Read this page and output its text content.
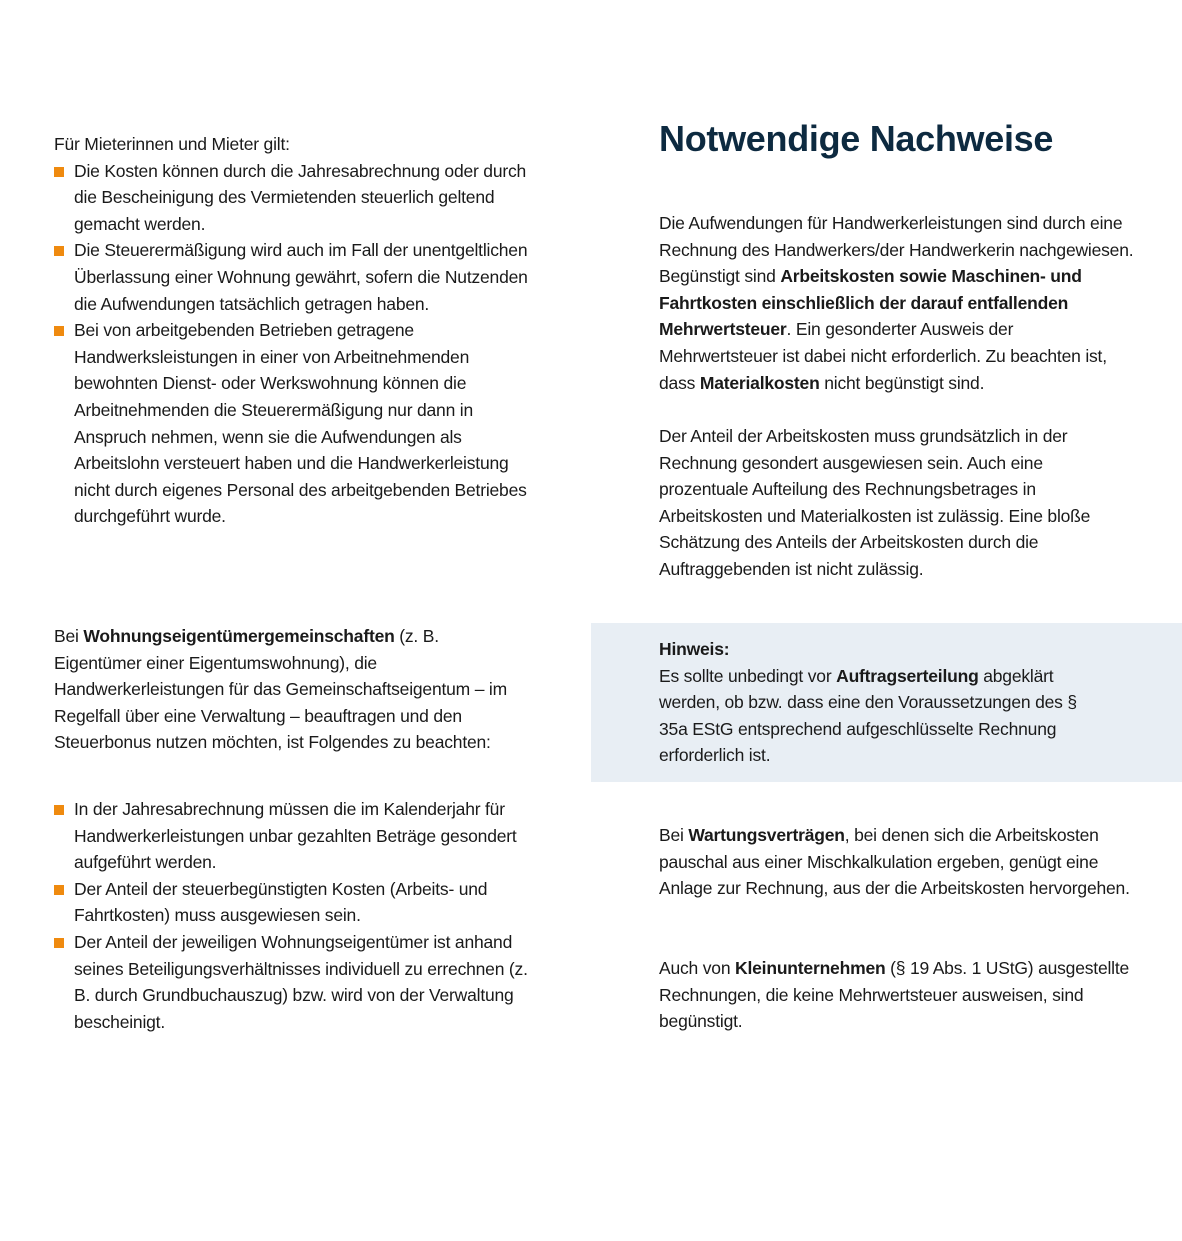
Für Mieterinnen und Mieter gilt:

Die Kosten können durch die Jahresabrechnung oder durch die Bescheinigung des Vermietenden steuerlich geltend gemacht werden.
Die Steuerermäßigung wird auch im Fall der unentgeltlichen Überlassung einer Wohnung gewährt, sofern die Nutzenden die Aufwendungen tatsächlich getragen haben.
Bei von arbeitgebenden Betrieben getragene Handwerksleistungen in einer von Arbeitnehmenden bewohnten Dienst- oder Werkswohnung können die Arbeitnehmenden die Steuerermäßigung nur dann in Anspruch nehmen, wenn sie die Aufwendungen als Arbeitslohn versteuert haben und die Handwerkerleistung nicht durch eigenes Personal des arbeitgebenden Betriebes durchgeführt wurde.

Bei Wohnungseigentümergemeinschaften (z. B. Eigentümer einer Eigentumswohnung), die Handwerkerleistungen für das Gemeinschaftseigentum – im Regelfall über eine Verwaltung – beauftragen und den Steuerbonus nutzen möchten, ist Folgendes zu beachten:

In der Jahresabrechnung müssen die im Kalenderjahr für Handwerkerleistungen unbar gezahlten Beträge gesondert aufgeführt werden.
Der Anteil der steuerbegünstigten Kosten (Arbeits- und Fahrtkosten) muss ausgewiesen sein.
Der Anteil der jeweiligen Wohnungseigentümer ist anhand seines Beteiligungsverhältnisses individuell zu errechnen (z. B. durch Grundbuchauszug) bzw. wird von der Verwaltung bescheinigt.
Notwendige Nachweise

Die Aufwendungen für Handwerkerleistungen sind durch eine Rechnung des Handwerkers/der Handwerkerin nachgewiesen. Begünstigt sind Arbeitskosten sowie Maschinen- und Fahrtkosten einschließlich der darauf entfallenden Mehrwertsteuer. Ein gesonderter Ausweis der Mehrwertsteuer ist dabei nicht erforderlich. Zu beachten ist, dass Materialkosten nicht begünstigt sind.

Der Anteil der Arbeitskosten muss grundsätzlich in der Rechnung gesondert ausgewiesen sein. Auch eine prozentuale Aufteilung des Rechnungsbetrages in Arbeitskosten und Materialkosten ist zulässig. Eine bloße Schätzung des Anteils der Arbeitskosten durch die Auftraggebenden ist nicht zulässig.

Hinweis:

Es sollte unbedingt vor Auftragserteilung abgeklärt werden, ob bzw. dass eine den Voraussetzungen des § 35a EStG entsprechend aufgeschlüsselte Rechnung erforderlich ist.

Bei Wartungsverträgen, bei denen sich die Arbeitskosten pauschal aus einer Mischkalkulation ergeben, genügt eine Anlage zur Rechnung, aus der die Arbeitskosten hervorgehen.

Auch von Kleinunternehmen (§ 19 Abs. 1 UStG) ausgestellte Rechnungen, die keine Mehrwertsteuer ausweisen, sind begünstigt.
